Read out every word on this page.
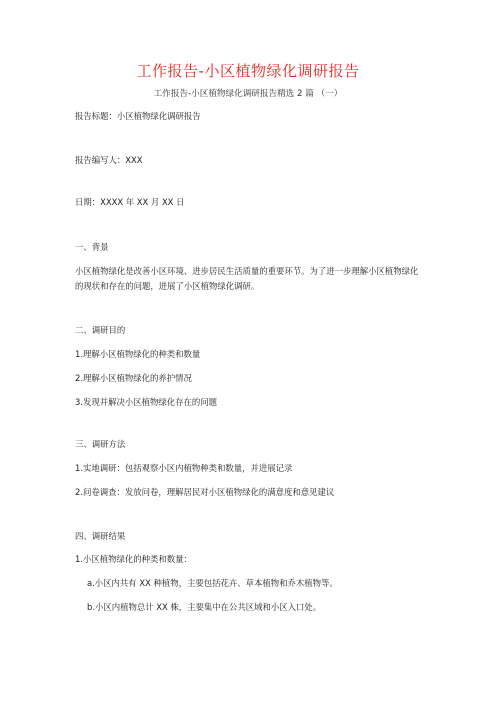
工作报告-小区植物绿化调研报告
工作报告-小区植物绿化调研报告精选 2 篇 （一）
报告标题：小区植物绿化调研报告
报告编写人：XXX
日期：XXXX 年 XX 月 XX 日
一、背景
小区植物绿化是改善小区环境、进步居民生活质量的重要环节。为了进一步理解小区植物绿化的现状和存在的问题，进展了小区植物绿化调研。
二、调研目的
1.理解小区植物绿化的种类和数量
2.理解小区植物绿化的养护情况
3.发现并解决小区植物绿化存在的问题
三、调研方法
1.实地调研：包括观察小区内植物种类和数量，并进展记录
2.问卷调查：发放问卷，理解居民对小区植物绿化的满意度和意见建议
四、调研结果
1.小区植物绿化的种类和数量：
a.小区内共有 XX 种植物，主要包括花卉、草本植物和乔木植物等。
b.小区内植物总计 XX 株，主要集中在公共区域和小区入口处。
